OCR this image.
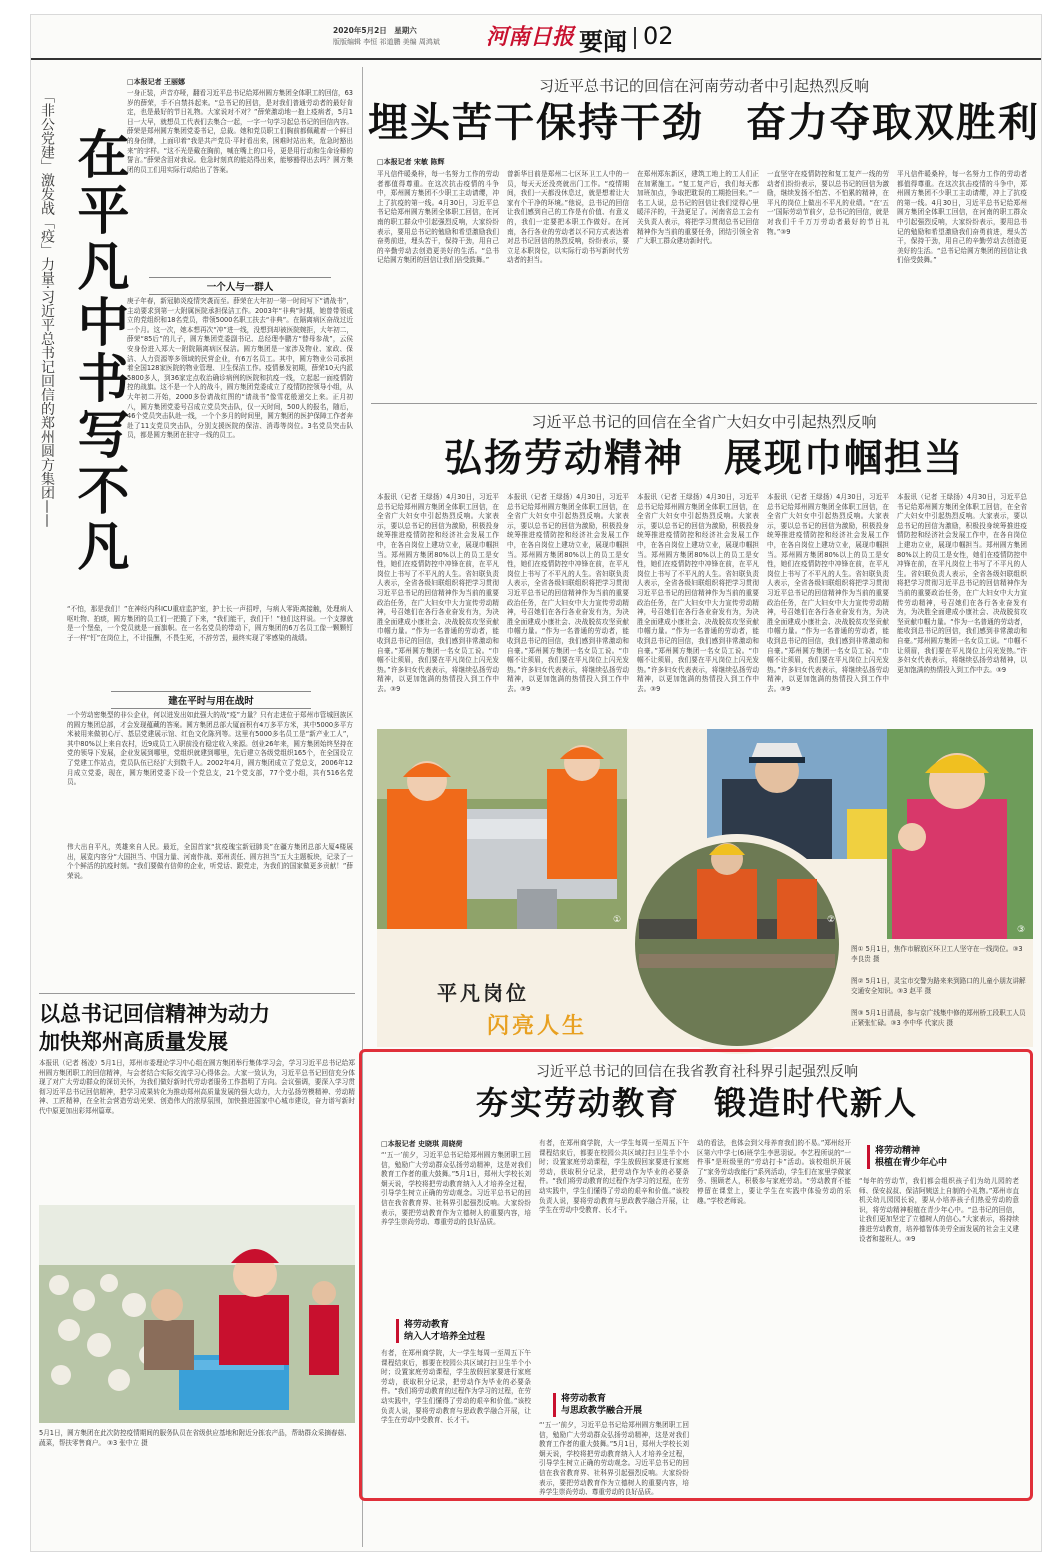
2020年5月2日　星期六
版版编辑 李恒 祁道鹏 美编 周鸿斌 河南日报 要闻 02
「非公党建」激发战「疫」力量·习近平总书记回信的郑州圆方集团—— 在平凡中书写不凡
□本报记者 王丽娜
一身正装，声音亦哑，翻看习近平总书记给郑州圆方集团全体职工的回信，63岁的薛荣，手不自禁抖起来。“总书记的回信，是对我们普通劳动者的最好肯定，也是最好的节日礼物。大家说对不对？”薛荣激动地一抱上疫病者，5月1日一大早，就想员工代表们去集合一起，一字一句学习起总书记的回信内容。薛荣是郑州圆方集团党委书记，总裁。她和党员职工们胸前都佩戴着一个鲜目的身份牌，上面印着“我是共产党员·平时看出来，困难时站出来，危急时豁出来”的字样。“这不光是戴在胸前，喊在嘴上的口号，更是用行动和生命诠释的誓言。”薛荣含泪对我说。危急时刻真的能站得出来，能够豁得出去吗？圆方集团的员工们用实际行动给出了答案。
一个人与一群人
庚子年春，新冠肺炎疫情突袭而至。薛荣在大年初一第一时间写下“请战书”，主动要求到第一大附属医院承担保洁工作。2003年“非典”时期，她曾带领成立的党组织和18名党员，带领5000名职工扶去“非典”。在隔离病区奋战过近一个月。这一次，她本想再次“冲”进一线，没想到却被医院婉拒，大年初二，薛荣“85后”的儿子，圆方集团党委副书记、总经理李鹏方“替母参战”，云侯安身份进入郑大一附院隔离病区保洁。圆方集团是一家涉及物业、家政、保洁、人力资源等多领域的民营企业，有6万名员工。其中，圆方物业公司承担着全国128家医院的物业管理、卫生保洁工作。疫情暴发初期，薛荣10天内派5800多人，到36家定点收治确诊病例的医院和抗疫一线，立起起一面疫情防控的战旗。这不是一个人的战斗，圆方集团党委成立了疫情防控领导小组，从大年初二开始，2000多份请战红图的“请战书”像雪花般递交上来。正月初八，圆方集团党委号召成立党员突击队，仅一天时间，500人的报名，随后，46个党员突击队赴一线，一个个多月的时间里，圆方集团的医护保障工作者奔赴了11支党员突击队，分别支援医院的保洁、消毒等岗位。3名党员突击队员，都是圆方集团在驻守一线的员工。
“不怕，那是我们！”在神经内科ICU重症监护室，护士长一声招呼，与病人零距离接触，处理病人呕吐物、拍痰，圆方集团的员工们一把揽了下来，“我们能干，我们干！”他们这样说。一个支撑就是一个堡垒，一个党员就是一面旗帜。在一名名党员的带动下，圆方集团的6万名员工像一颗颗钉子一样“钉”在岗位上，不计报酬，不畏生死，不辞劳苦，最终实现了零感染的战绩。
建在平时与用在战时
一个劳动密集型的非公企业，何以迸发出如此强大的战“疫”力量？只有走进位于郑州市管城回族区的圆方集团总部，才会发现蕴藏的答案。圆方集团总部大厦面积有4万多平方米，其中5000多平方米被用来做初心厅、基层党建展示馆、红色文化陈列等。这里有5000多名员工是“新产业工人”，其中80%以上来自农村，近9成员工入职前没有稳定收入来源。创业26年来，圆方集团始终坚持在党的领导下发展，企业发展到哪里，党组织就建到哪里，先后建立各级党组织165个，在全国设立了党建工作站点，党员队伍已经扩大到数千人。2002年4月，圆方集团成立了党总支，2006年12月成立党委，现在，圆方集团党委下设一个党总支，21个党支部，77个党小组，共有516名党员。
伟大出自平凡，英雄来自人民。最近，全国首家“抗疫瑰宝新冠肺炎”在疆方集团总部大厦4楼展出，展览内容分“大国担当、中国力量、河南作战、郑州责任、圆方担当”五大主题板块，记录了一个个鲜活的抗疫时刻。“我们要做有信仰的企业，听党话、跟党走，为我们的国家做更多贡献！”薛荣说。
以总书记回信精神为动力
加快郑州高质量发展
本报讯（记者 杨凌）5月1日，郑州市委理论学习中心组在圆方集团举行集体学习会，学习习近平总书记给郑州圆方集团职工的回信精神，与会者结合实际交流学习心得体会。大家一致认为，习近平总书记回信充分体现了对广大劳动群众的深切关怀，为我们做好新时代劳动者服务工作指明了方向。会议强调，要深入学习贯彻习近平总书记回信精神，把学习成果转化为推动郑州高质量发展的强大动力，大力弘扬劳模精神、劳动精神、工匠精神，在全社会营造劳动光荣、创造伟大的浓厚氛围，加快推进国家中心城市建设，奋力谱写新时代中原更加出彩郑州篇章。
5月1日，圆方集团在此次防控疫情期间的服务队员在省级供应基地和附近分拣农产品，帮助群众采摘春菇、蔬菜，帮扶零售商户。 ③3 张中立 摄
习近平总书记的回信在河南劳动者中引起热烈反响
埋头苦干保持干劲　奋力夺取双胜利
□本报记者 宋敏 陈辉
平凡信件暖桑梓，每一名努力工作的劳动者都值得尊重。在这次抗击疫情的斗争中，郑州圆方集团不少职工主动请缨，冲上了抗疫的第一线。4月30日，习近平总书记给郑州圆方集团全体职工回信，在河南的职工群众中引起强烈反响，大家纷纷表示，要用总书记的勉励和希望激励我们奋勇前进，埋头苦干，保持干劲，用自己的辛勤劳动去创造更美好的生活。“总书记给圆方集团的回信让我们倍受鼓舞。”
曾新华目前是郑州二七区环卫工人中的一员，每天天还没亮就出门工作。“疫情期间，我们一天都没休息过，就是想着让大家有个干净的环境。”他说，总书记的回信让我们感到自己的工作是有价值、有意义的，我们一定要把本职工作做好。在河南，各行各业的劳动者以不同方式表达着对总书记回信的热烈反响，纷纷表示，要立足本职岗位，以实际行动书写新时代劳动者的担当。
在郑州郑东新区，建筑工地上的工人们正在加紧施工。“复工复产后，我们每天都加班加点，争取把耽误的工期抢回来。”一名工人说，总书记的回信让我们觉得心里暖洋洋的，干劲更足了。河南省总工会有关负责人表示，将把学习贯彻总书记回信精神作为当前的重要任务，团结引领全省广大职工群众建功新时代。
一直坚守在疫情防控和复工复产一线的劳动者们纷纷表示，要以总书记的回信为激励，继续发扬不怕苦、不怕累的精神，在平凡的岗位上做出不平凡的业绩。“在‘五一’国际劳动节前夕，总书记的回信，就是对我们千千万万劳动者最好的节日礼物。”③9
平凡信件暖桑梓，每一名努力工作的劳动者都值得尊重。在这次抗击疫情的斗争中，郑州圆方集团不少职工主动请缨，冲上了抗疫的第一线。4月30日，习近平总书记给郑州圆方集团全体职工回信，在河南的职工群众中引起强烈反响，大家纷纷表示，要用总书记的勉励和希望激励我们奋勇前进，埋头苦干，保持干劲，用自己的辛勤劳动去创造更美好的生活。“总书记给圆方集团的回信让我们倍受鼓舞。”
习近平总书记的回信在全省广大妇女中引起热烈反响
弘扬劳动精神　展现巾帼担当
本报讯（记者 王绿扬）4月30日，习近平总书记给郑州圆方集团全体职工回信，在全省广大妇女中引起热烈反响。大家表示，要以总书记的回信为激励，积极投身统筹推进疫情防控和经济社会发展工作中，在各自岗位上建功立业，展现巾帼担当。郑州圆方集团80%以上的员工是女性，她们在疫情防控中冲锋在前，在平凡岗位上书写了不平凡的人生。省妇联负责人表示，全省各级妇联组织将把学习贯彻习近平总书记的回信精神作为当前的重要政治任务，在广大妇女中大力宣传劳动精神，号召她们在各行各业奋发有为，为决胜全面建成小康社会、决战脱贫攻坚贡献巾帼力量。“作为一名普通的劳动者，能收到总书记的回信，我们感到非常激动和自豪。”郑州圆方集团一名女员工说。“巾帼不让须眉，我们要在平凡岗位上闪光发热。”许多妇女代表表示，将继续弘扬劳动精神，以更加饱满的热情投入到工作中去。③9
本报讯（记者 王绿扬）4月30日，习近平总书记给郑州圆方集团全体职工回信，在全省广大妇女中引起热烈反响。大家表示，要以总书记的回信为激励，积极投身统筹推进疫情防控和经济社会发展工作中，在各自岗位上建功立业，展现巾帼担当。郑州圆方集团80%以上的员工是女性，她们在疫情防控中冲锋在前，在平凡岗位上书写了不平凡的人生。省妇联负责人表示，全省各级妇联组织将把学习贯彻习近平总书记的回信精神作为当前的重要政治任务，在广大妇女中大力宣传劳动精神，号召她们在各行各业奋发有为，为决胜全面建成小康社会、决战脱贫攻坚贡献巾帼力量。“作为一名普通的劳动者，能收到总书记的回信，我们感到非常激动和自豪。”郑州圆方集团一名女员工说。“巾帼不让须眉，我们要在平凡岗位上闪光发热。”许多妇女代表表示，将继续弘扬劳动精神，以更加饱满的热情投入到工作中去。③9
本报讯（记者 王绿扬）4月30日，习近平总书记给郑州圆方集团全体职工回信，在全省广大妇女中引起热烈反响。大家表示，要以总书记的回信为激励，积极投身统筹推进疫情防控和经济社会发展工作中，在各自岗位上建功立业，展现巾帼担当。郑州圆方集团80%以上的员工是女性，她们在疫情防控中冲锋在前，在平凡岗位上书写了不平凡的人生。省妇联负责人表示，全省各级妇联组织将把学习贯彻习近平总书记的回信精神作为当前的重要政治任务，在广大妇女中大力宣传劳动精神，号召她们在各行各业奋发有为，为决胜全面建成小康社会、决战脱贫攻坚贡献巾帼力量。“作为一名普通的劳动者，能收到总书记的回信，我们感到非常激动和自豪。”郑州圆方集团一名女员工说。“巾帼不让须眉，我们要在平凡岗位上闪光发热。”许多妇女代表表示，将继续弘扬劳动精神，以更加饱满的热情投入到工作中去。③9
本报讯（记者 王绿扬）4月30日，习近平总书记给郑州圆方集团全体职工回信，在全省广大妇女中引起热烈反响。大家表示，要以总书记的回信为激励，积极投身统筹推进疫情防控和经济社会发展工作中，在各自岗位上建功立业，展现巾帼担当。郑州圆方集团80%以上的员工是女性，她们在疫情防控中冲锋在前，在平凡岗位上书写了不平凡的人生。省妇联负责人表示，全省各级妇联组织将把学习贯彻习近平总书记的回信精神作为当前的重要政治任务，在广大妇女中大力宣传劳动精神，号召她们在各行各业奋发有为，为决胜全面建成小康社会、决战脱贫攻坚贡献巾帼力量。“作为一名普通的劳动者，能收到总书记的回信，我们感到非常激动和自豪。”郑州圆方集团一名女员工说。“巾帼不让须眉，我们要在平凡岗位上闪光发热。”许多妇女代表表示，将继续弘扬劳动精神，以更加饱满的热情投入到工作中去。③9
本报讯（记者 王绿扬）4月30日，习近平总书记给郑州圆方集团全体职工回信，在全省广大妇女中引起热烈反响。大家表示，要以总书记的回信为激励，积极投身统筹推进疫情防控和经济社会发展工作中，在各自岗位上建功立业，展现巾帼担当。郑州圆方集团80%以上的员工是女性，她们在疫情防控中冲锋在前，在平凡岗位上书写了不平凡的人生。省妇联负责人表示，全省各级妇联组织将把学习贯彻习近平总书记的回信精神作为当前的重要政治任务，在广大妇女中大力宣传劳动精神，号召她们在各行各业奋发有为，为决胜全面建成小康社会、决战脱贫攻坚贡献巾帼力量。“作为一名普通的劳动者，能收到总书记的回信，我们感到非常激动和自豪。”郑州圆方集团一名女员工说。“巾帼不让须眉，我们要在平凡岗位上闪光发热。”许多妇女代表表示，将继续弘扬劳动精神，以更加饱满的热情投入到工作中去。③9
平凡岗位
闪亮人生
①	②
③
图① 5月1日，焦作市解放区环卫工人坚守在一线岗位。③3 李良贵 摄
图② 5月1日，灵宝市交警为路来来到路口的儿童小朋友讲解交通安全知识。③3 赵平 摄
图③ 5月1日清晨，参与京广线集中修的郑州桥工段职工人员正紧张忙碌。③3 李中华 代家庆 摄
习近平总书记的回信在我省教育社科界引起强烈反响
夯实劳动教育　锻造时代新人
□本报记者 史晓琪 周晓荷
“‘五一’前夕，习近平总书记给郑州圆方集团职工回信，勉励广大劳动群众弘扬劳动精神，这是对我们教育工作者的重大鼓舞。”5月1日，郑州大学校长刘炯天说，学校将把劳动教育纳入人才培养全过程，引导学生树立正确的劳动观念。习近平总书记的回信在我省教育界、社科界引起强烈反响。大家纷纷表示，要把劳动教育作为立德树人的重要内容，培养学生崇尚劳动、尊重劳动的良好品质。
将劳动教育
纳入人才培养全过程
有者，在郑州商学院，大一学生每周一至周五下午课程结束后，都要在校园公共区域打扫卫生半个小时；设置家庭劳动课程，学生放假回家要进行家庭劳动，获取积分记录，把劳动作为毕业的必要条件。“我们将劳动教育的过程作为学习的过程，在劳动实践中，学生们懂得了劳动的艰辛和价值。”该校负责人说，要将劳动教育与思政教学融合开展，让学生在劳动中受教育、长才干。
有者，在郑州商学院，大一学生每周一至周五下午课程结束后，都要在校园公共区域打扫卫生半个小时；设置家庭劳动课程，学生放假回家要进行家庭劳动，获取积分记录，把劳动作为毕业的必要条件。“我们将劳动教育的过程作为学习的过程，在劳动实践中，学生们懂得了劳动的艰辛和价值。”该校负责人说，要将劳动教育与思政教学融合开展，让学生在劳动中受教育、长才干。
将劳动教育
与思政教学融合开展
“‘五一’前夕，习近平总书记给郑州圆方集团职工回信，勉励广大劳动群众弘扬劳动精神，这是对我们教育工作者的重大鼓舞。”5月1日，郑州大学校长刘炯天说，学校将把劳动教育纳入人才培养全过程，引导学生树立正确的劳动观念。习近平总书记的回信在我省教育界、社科界引起强烈反响。大家纷纷表示，要把劳动教育作为立德树人的重要内容，培养学生崇尚劳动、尊重劳动的良好品质。
动的看法，也体会到父母养育我们的不易。”郑州经开区第六中学七(6)班学生李思羽说。李艺程所说的“一件事”是班级里的“劳动打卡”活动。该校组织开展了“家务劳动我能行”系列活动，学生们在家里学做家务、照顾老人，积极参与家庭劳动。“劳动教育不能停留在课堂上，要让学生在实践中体验劳动的乐趣。”学校老师说。
将劳动精神
根植在青少年心中
“每年的劳动节，我们都会组织孩子们为幼儿园的老师、保安叔叔、保洁阿姨送上自制的小礼物。”郑州市直机关幼儿园园长说，要从小培养孩子们热爱劳动的意识，将劳动精神根植在青少年心中。“总书记的回信，让我们更加坚定了立德树人的信心。”大家表示，将持续推进劳动教育，培养德智体美劳全面发展的社会主义建设者和接班人。③9
